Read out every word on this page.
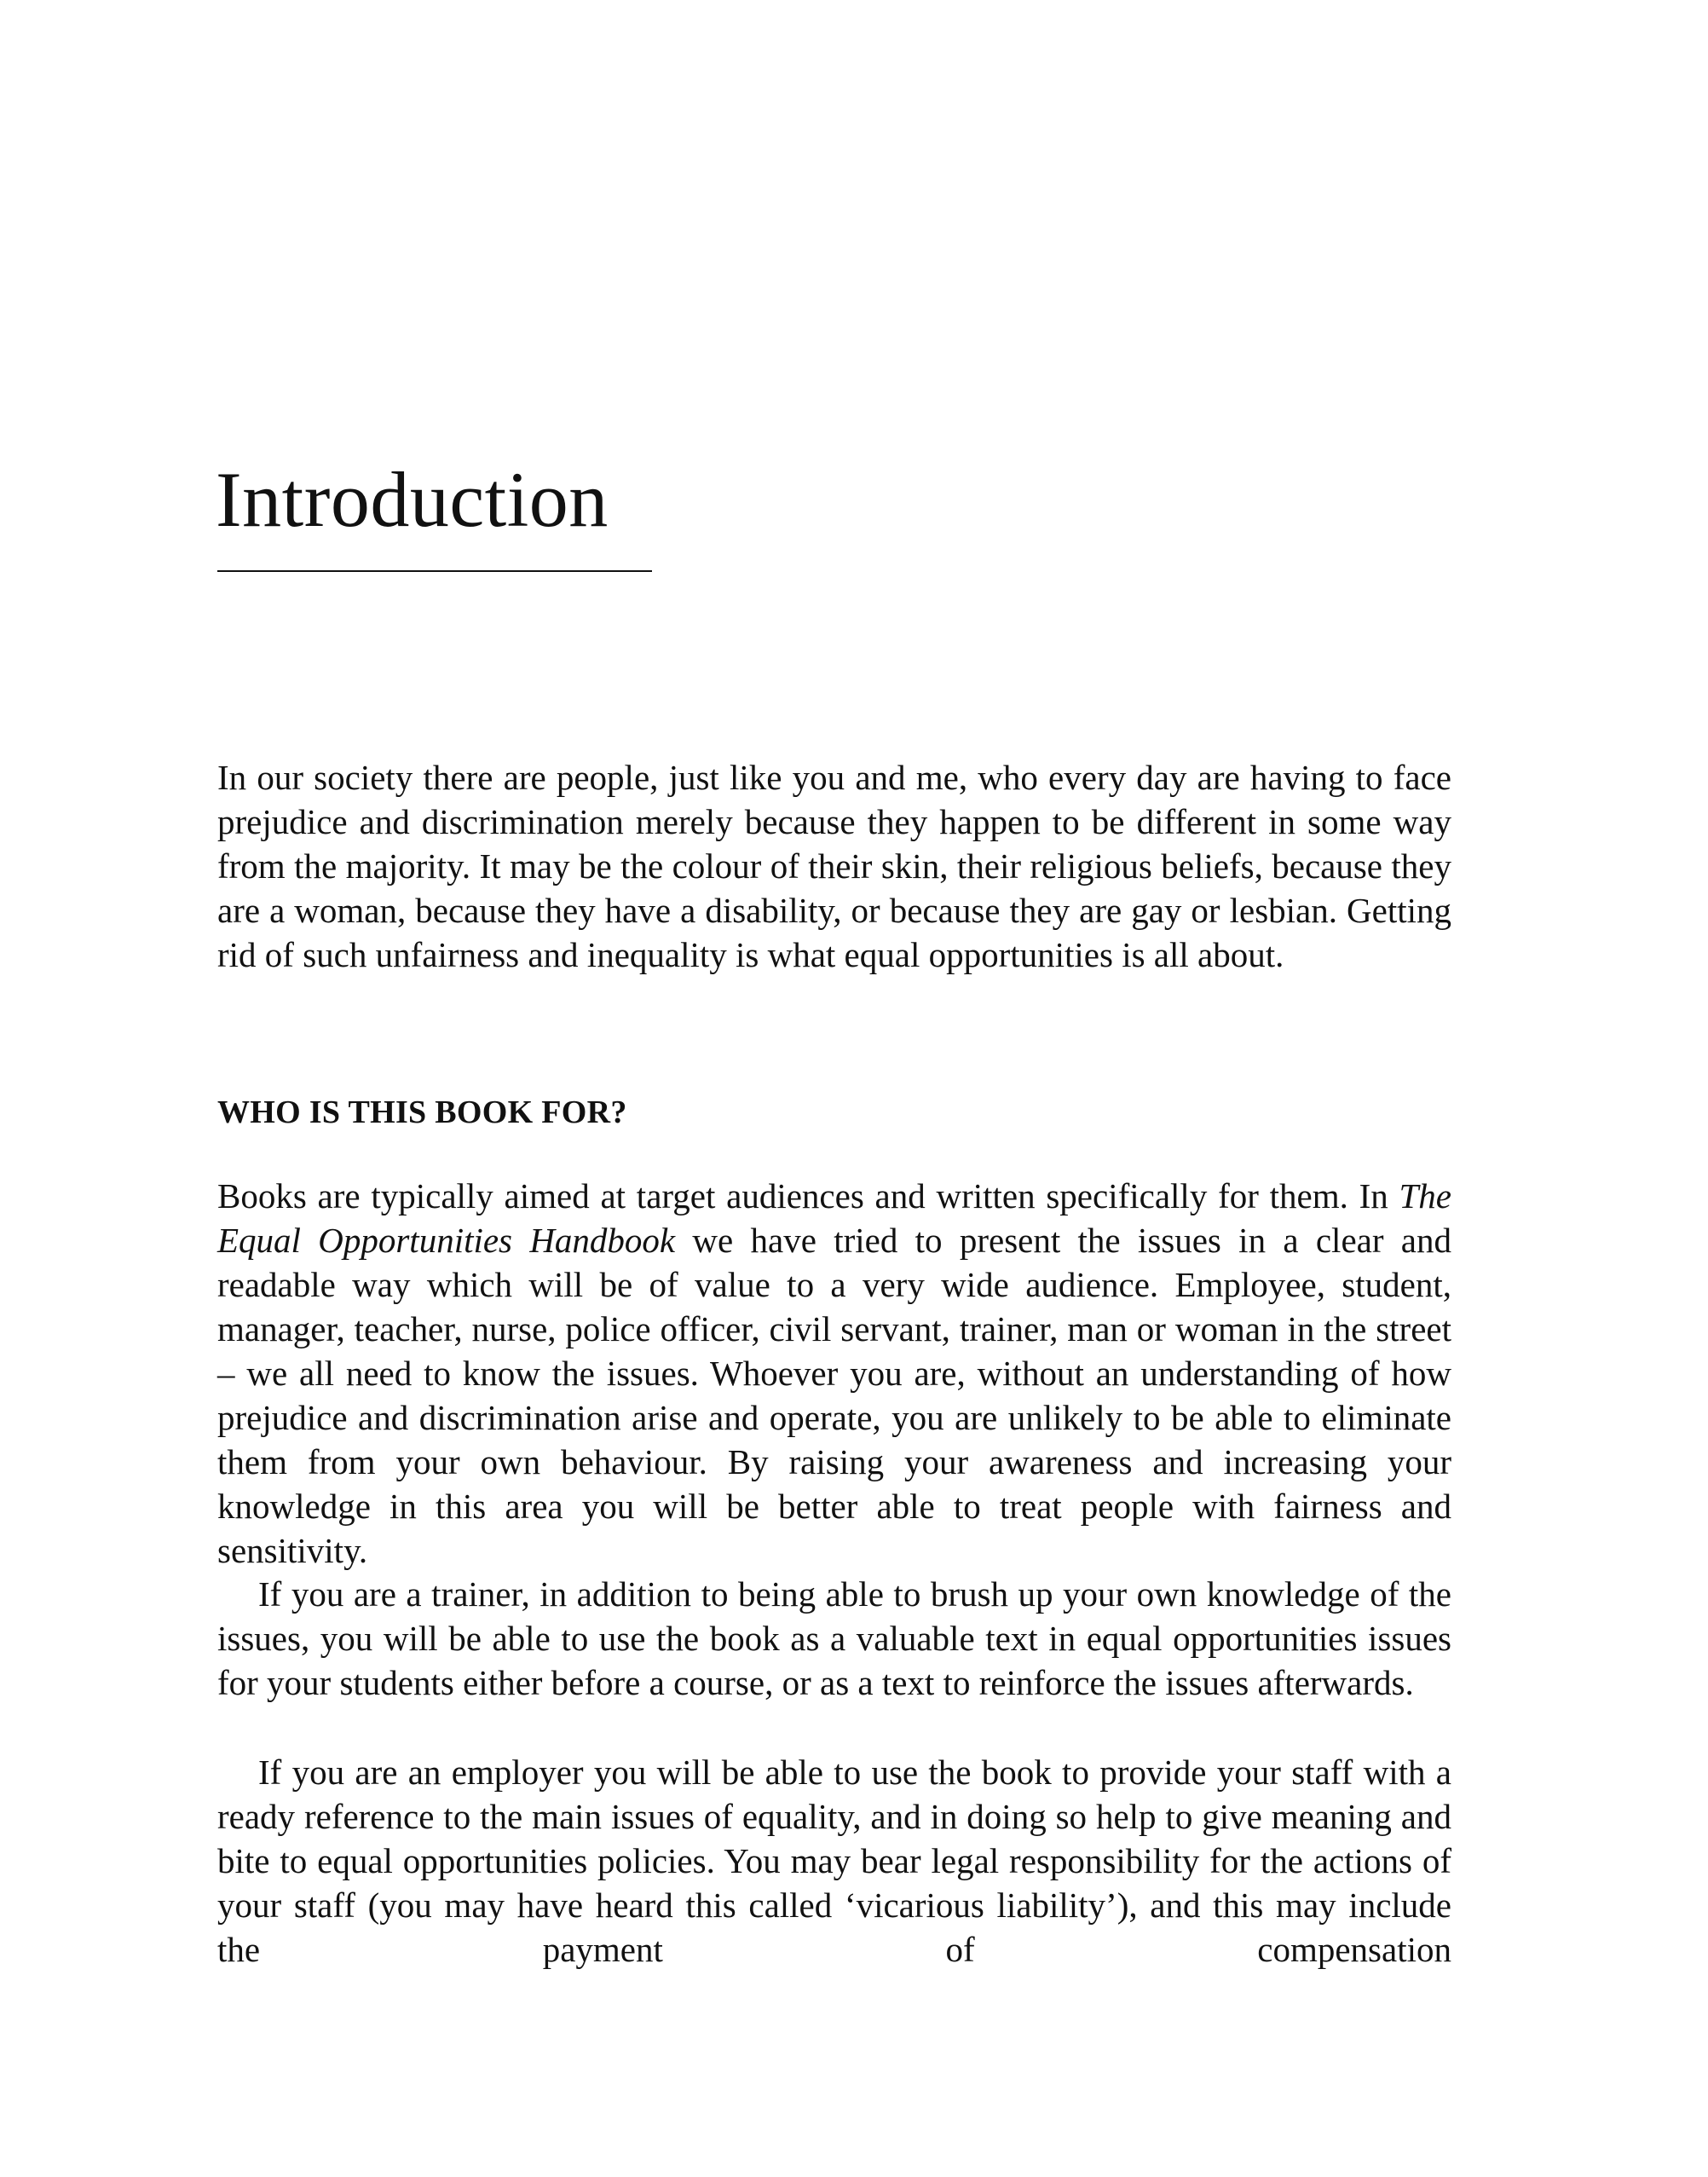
Introduction

In our society there are people, just like you and me, who every day are having to face prejudice and discrimination merely because they happen to be different in some way from the majority. It may be the colour of their skin, their religious beliefs, because they are a woman, because they have a disability, or because they are gay or lesbian. Getting rid of such unfairness and inequality is what equal opportunities is all about.

WHO IS THIS BOOK FOR?

Books are typically aimed at target audiences and written specifically for them. In The Equal Opportunities Handbook we have tried to present the issues in a clear and readable way which will be of value to a very wide audience. Employee, student, manager, teacher, nurse, police officer, civil servant, trainer, man or woman in the street – we all need to know the issues. Whoever you are, without an understanding of how prejudice and discrimination arise and operate, you are unlikely to be able to eliminate them from your own behaviour. By raising your awareness and increasing your knowledge in this area you will be better able to treat people with fairness and sensitivity.

If you are a trainer, in addition to being able to brush up your own knowledge of the issues, you will be able to use the book as a valuable text in equal opportunities issues for your students either before a course, or as a text to reinforce the issues afterwards.

If you are an employer you will be able to use the book to provide your staff with a ready reference to the main issues of equality, and in doing so help to give meaning and bite to equal opportunities policies. You may bear legal responsibility for the actions of your staff (you may have heard this called ‘vicarious liability’), and this may include the payment of compensation
